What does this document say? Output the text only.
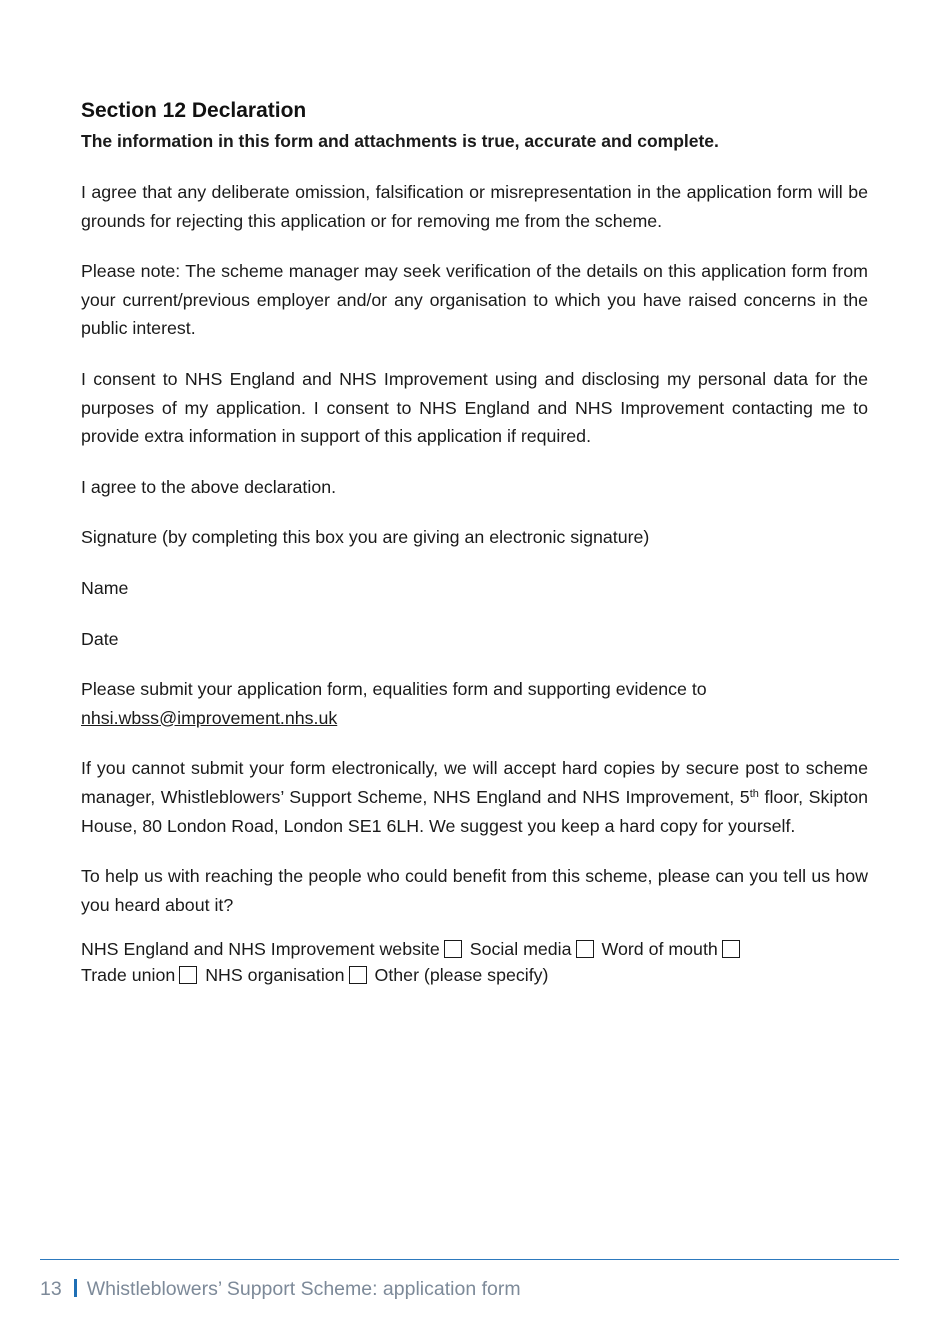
Section 12 Declaration
The information in this form and attachments is true, accurate and complete.

I agree that any deliberate omission, falsification or misrepresentation in the application form will be grounds for rejecting this application or for removing me from the scheme.

Please note: The scheme manager may seek verification of the details on this application form from your current/previous employer and/or any organisation to which you have raised concerns in the public interest.

I consent to NHS England and NHS Improvement using and disclosing my personal data for the purposes of my application. I consent to NHS England and NHS Improvement contacting me to provide extra information in support of this application if required.

I agree to the above declaration.

Signature (by completing this box you are giving an electronic signature)

Name

Date

Please submit your application form, equalities form and supporting evidence to
nhsi.wbss@improvement.nhs.uk

If you cannot submit your form electronically, we will accept hard copies by secure post to scheme manager, Whistleblowers’ Support Scheme, NHS England and NHS Improvement, 5th floor, Skipton House, 80 London Road, London SE1 6LH. We suggest you keep a hard copy for yourself.

To help us with reaching the people who could benefit from this scheme, please can you tell us how you heard about it?

NHS England and NHS Improvement website Social media Word of mouth
Trade union NHS organisation Other (please specify)
13 Whistleblowers’ Support Scheme: application form
